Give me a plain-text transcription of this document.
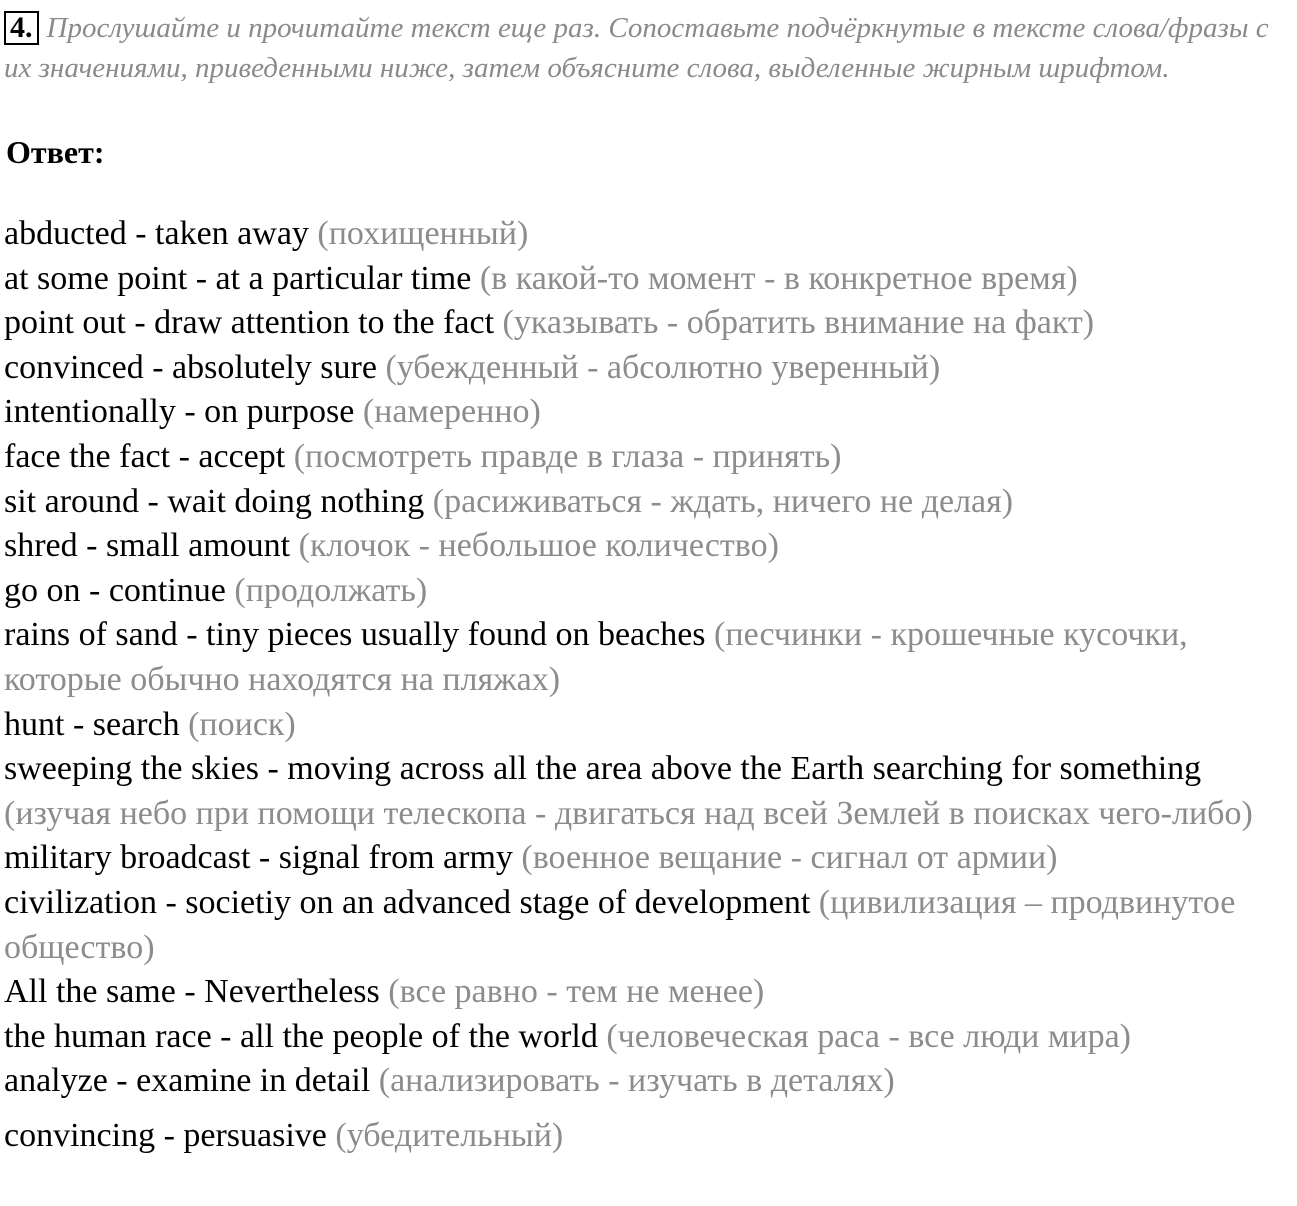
4. Прослушайте и прочитайте текст еще раз. Сопоставьте подчёркнутые в тексте слова/фразы с их значениями, приведенными ниже, затем объясните слова, выделенные жирным шрифтом.
Ответ:

abducted - taken away (похищенный)

at some point - at a particular time (в какой-то момент - в конкретное время)

point out - draw attention to the fact (указывать - обратить внимание на факт)

convinced - absolutely sure (убежденный - абсолютно уверенный)

intentionally - on purpose (намеренно)

face the fact - accept (посмотреть правде в глаза - принять)

sit around - wait doing nothing (расиживаться - ждать, ничего не делая)

shred - small amount (клочок - небольшое количество)

go on - continue (продолжать)

rains of sand - tiny pieces usually found on beaches (песчинки - крошечные кусочки, которые обычно находятся на пляжах)

hunt - search (поиск)

sweeping the skies - moving across all the area above the Earth searching for something (изучая небо при помощи телескопа - двигаться над всей Землей в поисках чего-либо)

military broadcast - signal from army (военное вещание - сигнал от армии)

civilization - societiy on an advanced stage of development (цивилизация – продвинутое общество)

All the same - Nevertheless (все равно - тем не менее)

the human race - all the people of the world (человеческая раса - все люди мира)

analyze - examine in detail (анализировать - изучать в деталях)

convincing - persuasive (убедительный)
